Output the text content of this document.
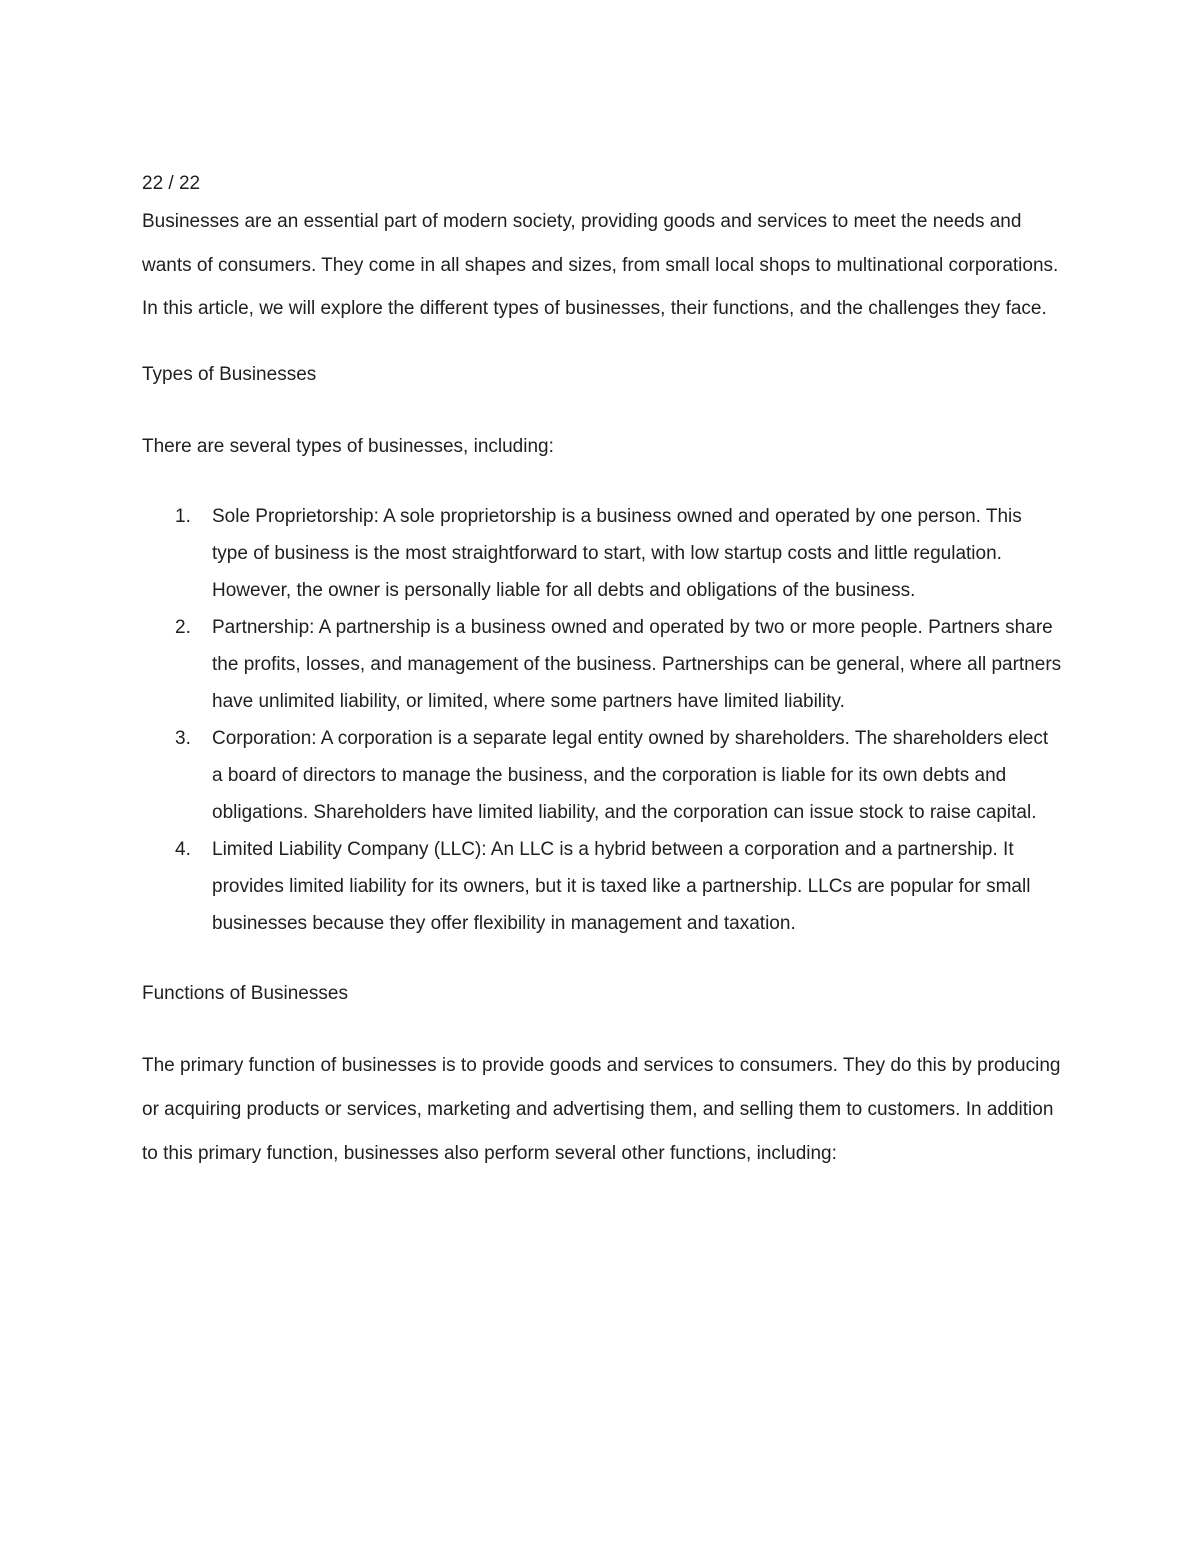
22 / 22

Businesses are an essential part of modern society, providing goods and services to meet the needs and wants of consumers. They come in all shapes and sizes, from small local shops to multinational corporations. In this article, we will explore the different types of businesses, their functions, and the challenges they face.

Types of Businesses

There are several types of businesses, including:

1. Sole Proprietorship: A sole proprietorship is a business owned and operated by one person. This type of business is the most straightforward to start, with low startup costs and little regulation. However, the owner is personally liable for all debts and obligations of the business.
2. Partnership: A partnership is a business owned and operated by two or more people. Partners share the profits, losses, and management of the business. Partnerships can be general, where all partners have unlimited liability, or limited, where some partners have limited liability.
3. Corporation: A corporation is a separate legal entity owned by shareholders. The shareholders elect a board of directors to manage the business, and the corporation is liable for its own debts and obligations. Shareholders have limited liability, and the corporation can issue stock to raise capital.
4. Limited Liability Company (LLC): An LLC is a hybrid between a corporation and a partnership. It provides limited liability for its owners, but it is taxed like a partnership. LLCs are popular for small businesses because they offer flexibility in management and taxation.

Functions of Businesses

The primary function of businesses is to provide goods and services to consumers. They do this by producing or acquiring products or services, marketing and advertising them, and selling them to customers. In addition to this primary function, businesses also perform several other functions, including:
